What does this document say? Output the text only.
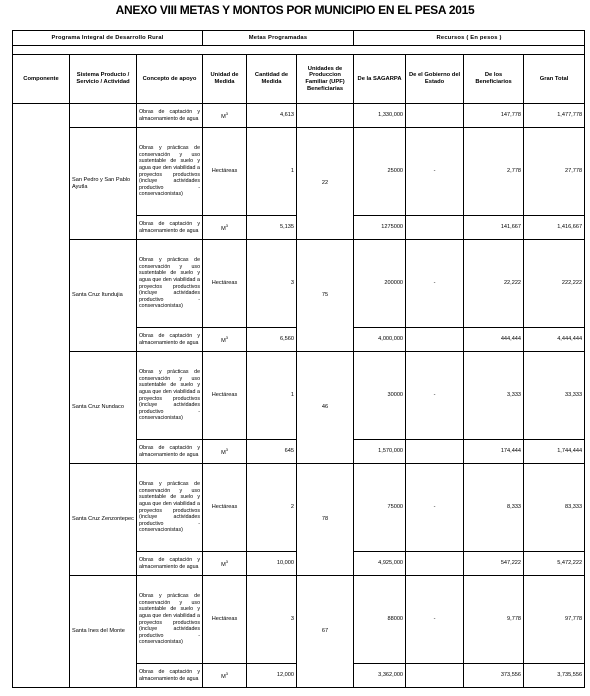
ANEXO VIII METAS Y MONTOS POR MUNICIPIO EN EL PESA 2015
Programa Integral de Desarrollo Rural			Metas Programadas			Recursos ( En pesos )			

Componente	Sistema Producto / Servicio / Actividad	Concepto de apoyo	Unidad de Medida	Cantidad de Medida	Unidades de Produccion Familiar (UPF) Beneficiarias	De la SAGARPA	De el Gobierno del Estado	De los Beneficiarios	Gran Total
		Obras de captación y almacenamiento de agua	$M^3$	4,613		1,330,000		147,778	1,477,778
	San Pedro y San Pablo Ayutla	Obras y prácticas de conservación y uso sustentable de suelo y agua que den viabilidad a proyectos productivos (incluye actividades productivo - conservacionistas)	Hectáreas	1	22	25000	-	2,778	27,778
		Obras de captación y almacenamiento de agua	$M^3$	5,135		1275000		141,667	1,416,667
	Santa Cruz Itundujia	Obras y prácticas de conservación y uso sustentable de suelo y agua que den viabilidad a proyectos productivos (incluye actividades productivo - conservacionistas)	Hectáreas	3	75	200000	-	22,222	222,222
		Obras de captación y almacenamiento de agua	$M^3$	6,560		4,000,000		444,444	4,444,444
	Santa Cruz Nundaco	Obras y prácticas de conservación y uso sustentable de suelo y agua que den viabilidad a proyectos productivos (incluye actividades productivo - conservacionistas)	Hectáreas	1	46	30000	-	3,333	33,333
		Obras de captación y almacenamiento de agua	$M^3$	645		1,570,000		174,444	1,744,444
	Santa Cruz Zenzontepec	Obras y prácticas de conservación y uso sustentable de suelo y agua que den viabilidad a proyectos productivos (incluye actividades productivo - conservacionistas)	Hectáreas	2	78	75000	-	8,333	83,333
		Obras de captación y almacenamiento de agua	$M^3$	10,000		4,925,000		547,222	5,472,222
	Santa Ines del Monte	Obras y prácticas de conservación y uso sustentable de suelo y agua que den viabilidad a proyectos productivos (incluye actividades productivo - conservacionistas)	Hectáreas	3	67	88000	-	9,778	97,778
		Obras de captación y almacenamiento de agua	$M^3$	12,000		3,362,000		373,556	3,735,556
